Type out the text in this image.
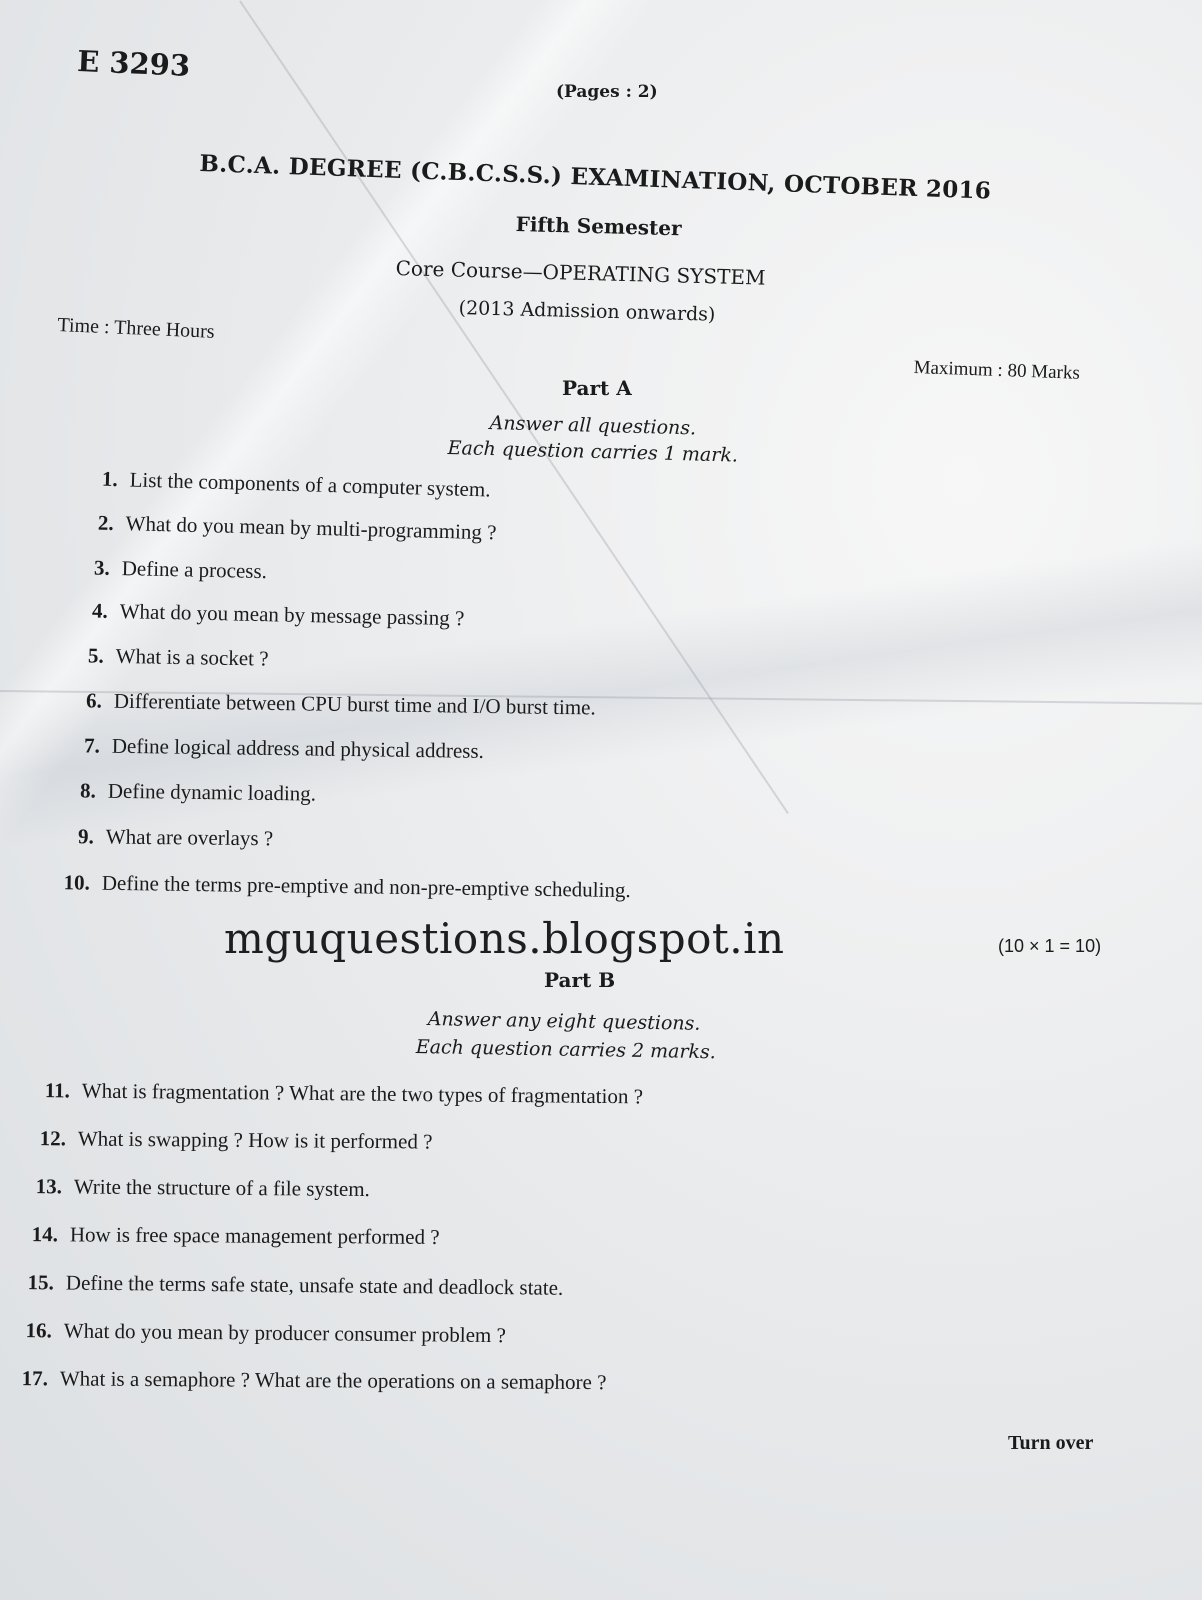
E 3293
(Pages : 2)
B.C.A. DEGREE (C.B.C.S.S.) EXAMINATION, OCTOBER 2016
Fifth Semester
Core Course—OPERATING SYSTEM
(2013 Admission onwards)
Time : Three Hours
Maximum : 80 Marks
Part A
Answer all questions.
Each question carries 1 mark.
1. List the components of a computer system.
2. What do you mean by multi-programming ?
3. Define a process.
4. What do you mean by message passing ?
5. What is a socket ?
6. Differentiate between CPU burst time and I/O burst time.
7. Define logical address and physical address.
8. Define dynamic loading.
9. What are overlays ?
10. Define the terms pre-emptive and non-pre-emptive scheduling.
mguquestions.blogspot.in	(10 × 1 = 10)
Part B
Answer any eight questions.
Each question carries 2 marks.
11. What is fragmentation ? What are the two types of fragmentation ?
12. What is swapping ? How is it performed ?
13. Write the structure of a file system.
14. How is free space management performed ?
15. Define the terms safe state, unsafe state and deadlock state.
16. What do you mean by producer consumer problem ?
17. What is a semaphore ? What are the operations on a semaphore ?
Turn over
